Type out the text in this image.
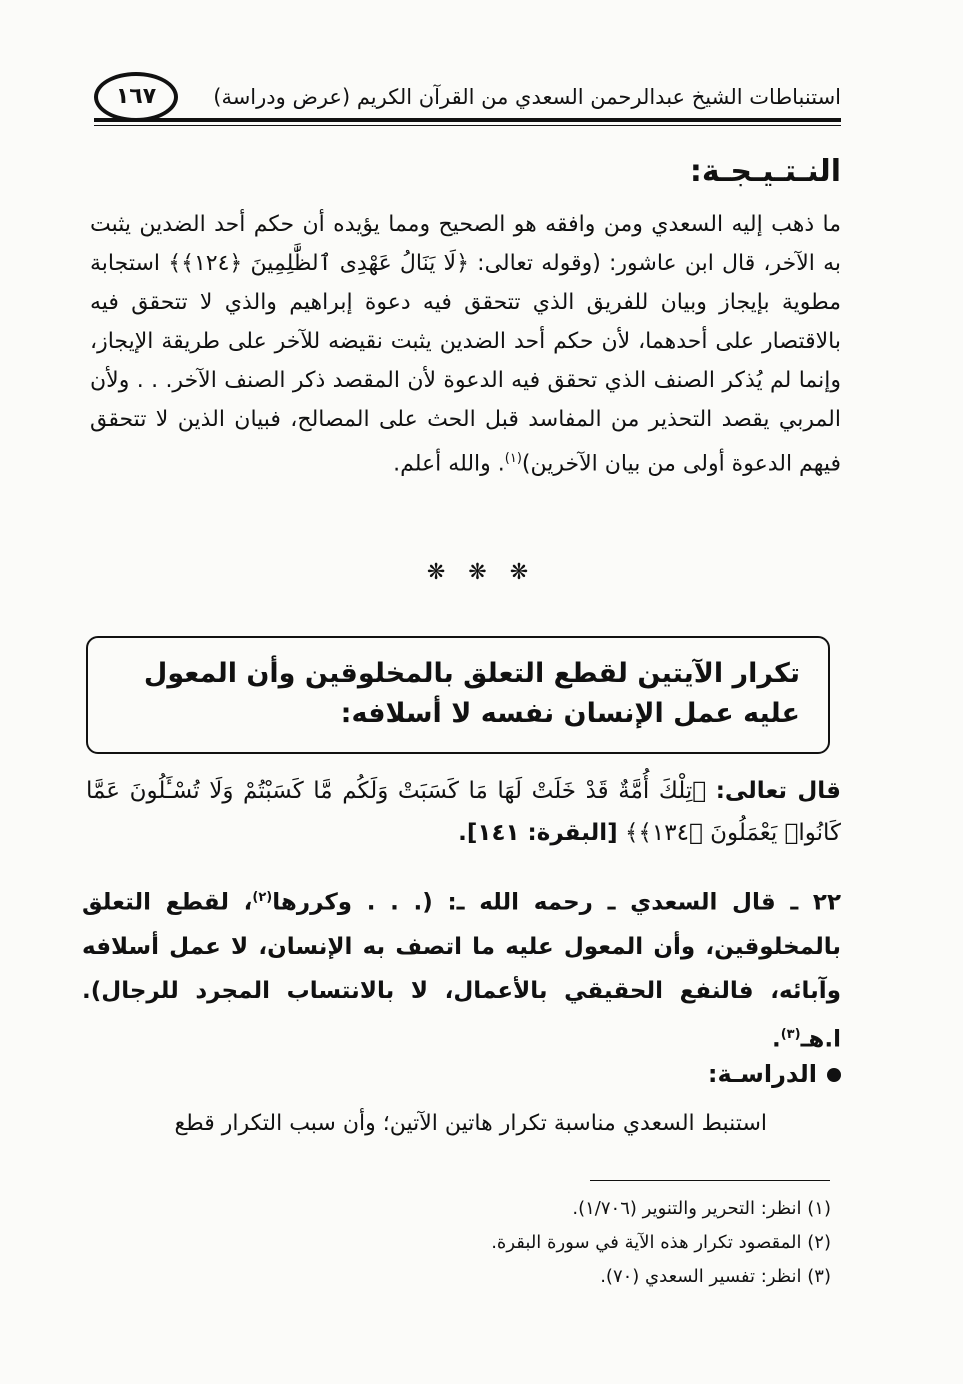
استنباطات الشيخ عبدالرحمن السعدي من القرآن الكريم (عرض ودراسة)
١٦٧
النـتـيـجـة:

ما ذهب إليه السعدي ومن وافقه هو الصحيح ومما يؤيده أن حكم أحد الضدين يثبت به الآخر، قال ابن عاشور: (وقوله تعالى: ﴿لَا يَنَالُ عَهْدِى ٱلظَّٰلِمِينَ ﴿١٢٤﴾﴾ استجابة مطوية بإيجاز وبيان للفريق الذي تتحقق فيه دعوة إبراهيم والذي لا تتحقق فيه بالاقتصار على أحدهما، لأن حكم أحد الضدين يثبت نقيضه للآخر على طريقة الإيجاز، وإنما لم يُذكر الصنف الذي تحقق فيه الدعوة لأن المقصد ذكر الصنف الآخر. . . ولأن المربي يقصد التحذير من المفاسد قبل الحث على المصالح، فبيان الذين لا تتحقق فيهم الدعوة أولى من بيان الآخرين)$^{(١)}$. والله أعلم.

❋ ❋ ❋
تكرار الآيتين لقطع التعلق بالمخلوقين وأن المعول عليه عمل الإنسان نفسه لا أسلافه:
قال تعالى: ﴿تِلْكَ أُمَّةٌ قَدْ خَلَتْ لَهَا مَا كَسَبَتْ وَلَكُم مَّا كَسَبْتُمْ وَلَا تُسْـَٔلُونَ عَمَّا كَانُوا۟ يَعْمَلُونَ ﴿١٣٤﴾﴾ [البقرة: ١٤١].
٢٢ ـ قال السعدي ـ رحمه الله ـ: (. . . وكررها$^{(٢)}$، لقطع التعلق بالمخلوقين، وأن المعول عليه ما اتصف به الإنسان، لا عمل أسلافه وآبائه، فالنفع الحقيقي بالأعمال، لا بالانتساب المجرد للرجال). ا.هـ$^{(٣)}$.
الدراسـة:
استنبط السعدي مناسبة تكرار هاتين الآتين؛ وأن سبب التكرار قطع
(١) انظر: التحرير والتنوير (١/٧٠٦).
(٢) المقصود تكرار هذه الآية في سورة البقرة.
(٣) انظر: تفسير السعدي (٧٠).
